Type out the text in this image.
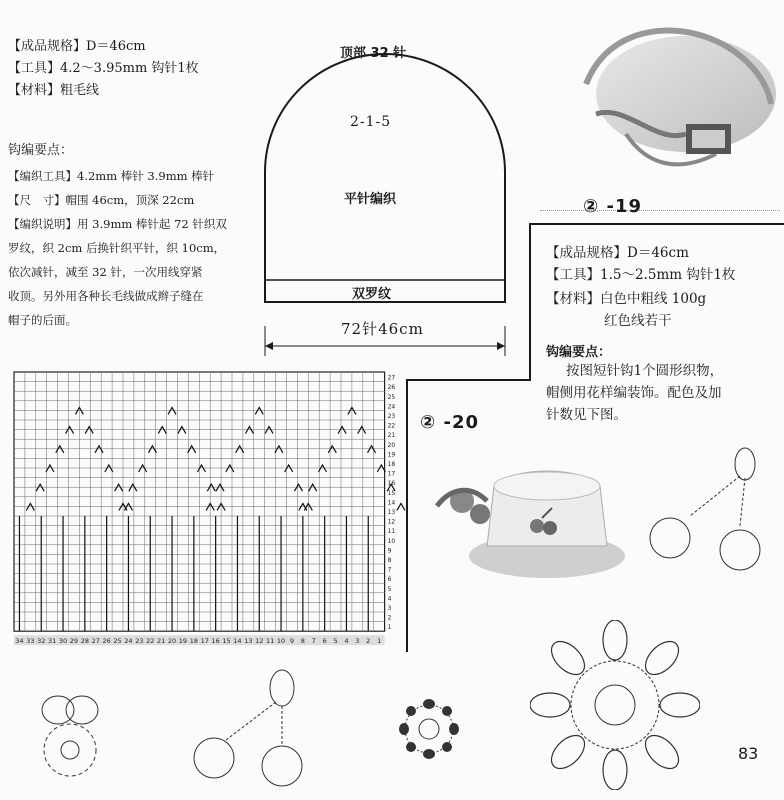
【成品规格】D＝46cm
【工具】4.2～3.95mm 钩针1枚
【材料】粗毛线
钩编要点：
【编织工具】4.2mm 棒针 3.9mm 棒针
【尺　寸】帽围 46cm，顶深 22cm
【编织说明】用 3.9mm 棒针起 72 针织双
罗纹，织 2cm 后换针织平针，织 10cm，
依次减针，减至 32 针，一次用线穿紧
收顶。另外用各种长毛线做成辫子缝在
帽子的后面。
顶部 32 针
2-1-5
平针编织
双罗纹
72针46cm
② -19
【成品规格】D＝46cm
【工具】1.5～2.5mm 钩针1枚
【材料】白色中粗线 100g
红色线若干
钩编要点：
按图短针钩1个圆形织物，
帽侧用花样编装饰。配色及加
针数见下图。
② -20
34 33 32 31 30 29 28 27 26 25 24 23 22 21 20 19 18 17 16 15 14 13 12 11 10 9 8 7 6 5 4 3 2 1
27
26
25
24
23
22
21
20
19
18
17
16
15
14
13
12
11
10
9
8
7
6
5
4
3
2
1
83
